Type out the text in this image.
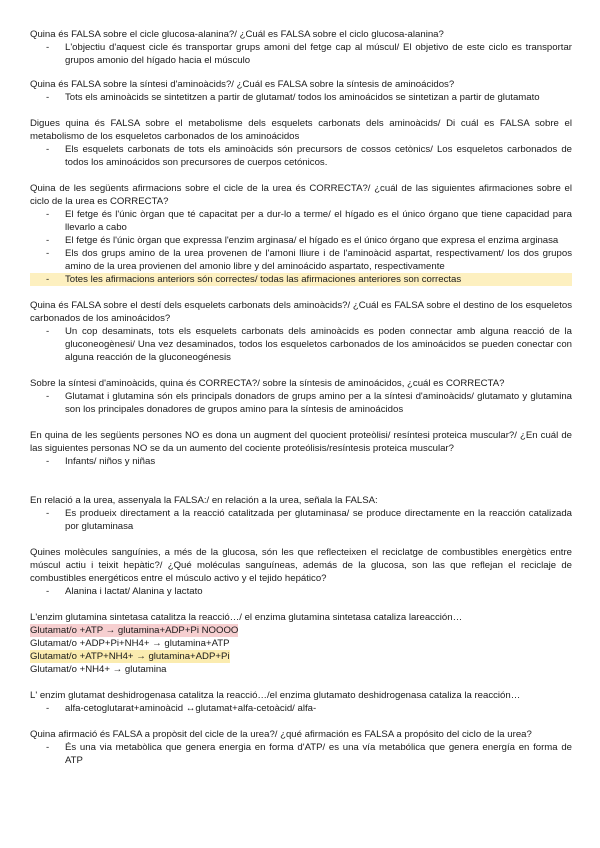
Quina és FALSA sobre el cicle glucosa-alanina?/ ¿Cuál es FALSA sobre el ciclo glucosa-alanina?

- L'objectiu d'aquest cicle és transportar grups amoni del fetge cap al múscul/ El objetivo de este ciclo es transportar grupos amonio del hígado hacia el músculo

Quina és FALSA sobre la síntesi d'aminoàcids?/ ¿Cuál es FALSA sobre la síntesis de aminoácidos?

- Tots els aminoàcids se sintetitzen a partir de glutamat/ todos los aminoácidos se sintetizan a partir de glutamato

Digues quina és FALSA sobre el metabolisme dels esquelets carbonats dels aminoàcids/ Di cuál es FALSA sobre el metabolismo de los esqueletos carbonados de los aminoácidos

- Els esquelets carbonats de tots els aminoàcids són precursors de cossos cetònics/ Los esqueletos carbonados de todos los aminoácidos son precursores de cuerpos cetónicos.

Quina de les següents afirmacions sobre el cicle de la urea és CORRECTA?/ ¿cuál de las siguientes afirmaciones sobre el ciclo de la urea es CORRECTA?

- El fetge és l'únic òrgan que té capacitat per a dur-lo a terme/ el hígado es el único órgano que tiene capacidad para llevarlo a cabo
- El fetge és l'únic òrgan que expressa l'enzim arginasa/ el hígado es el único órgano que expresa el enzima arginasa
- Els dos grups amino de la urea provenen de l'amoni lliure i de l'aminoàcid aspartat, respectivament/ los dos grupos amino de la urea provienen del amonio libre y del aminoácido aspartato, respectivamente
- Totes les afirmacions anteriors són correctes/ todas las afirmaciones anteriores son correctas

Quina és FALSA sobre el destí dels esquelets carbonats dels aminoàcids?/ ¿Cuál es FALSA sobre el destino de los esqueletos carbonados de los aminoácidos?

- Un cop desaminats, tots els esquelets carbonats dels aminoàcids es poden connectar amb alguna reacció de la gluconeogènesi/ Una vez desaminados, todos los esqueletos carbonados de los aminoácidos se pueden conectar con alguna reacción de la gluconeogénesis

Sobre la síntesi d'aminoàcids, quina és CORRECTA?/ sobre la síntesis de aminoácidos, ¿cuál es CORRECTA?

- Glutamat i glutamina són els principals donadors de grups amino per a la síntesi d'aminoàcids/ glutamato y glutamina son los principales donadores de grupos amino para la síntesis de aminoácidos

En quina de les següents persones NO es dona un augment del quocient proteòlisi/ resíntesi proteica muscular?/ ¿En cuál de las siguientes personas NO se da un aumento del cociente proteólisis/resíntesis proteica muscular?

- Infants/ niños y niñas

En relació a la urea, assenyala la FALSA:/ en relación a la urea, señala la FALSA:

- Es produeix directament a la reacció catalitzada per glutaminasa/ se produce directamente en la reacción catalizada por glutaminasa

Quines molècules sanguínies, a més de la glucosa, són les que reflecteixen el reciclatge de combustibles energètics entre múscul actiu i teixit hepàtic?/ ¿Qué moléculas sanguíneas, además de la glucosa, son las que reflejan el reciclaje de combustibles energéticos entre el músculo activo y el tejido hepático?

- Alanina i lactat/ Alanina y lactato

L'enzim glutamina sintetasa catalitza la reacció…/ el enzima glutamina sintetasa cataliza lareacción…

Glutamat/o +ATP → glutamina+ADP+Pi NOOOO
Glutamat/o +ADP+Pi+NH4+ → glutamina+ATP
Glutamat/o +ATP+NH4+ → glutamina+ADP+Pi
Glutamat/o +NH4+ → glutamina

L' enzim glutamat deshidrogenasa catalitza la reacció…/el enzima glutamato deshidrogenasa cataliza la reacción…

- alfa-cetoglutarat+aminoàcid ↔glutamat+alfa-cetoàcid/ alfa-

Quina afirmació és FALSA a propòsit del cicle de la urea?/ ¿qué afirmación es FALSA a propósito del ciclo de la urea?

- És una via metabòlica que genera energia en forma d'ATP/ es una vía metabólica que genera energía en forma de ATP
